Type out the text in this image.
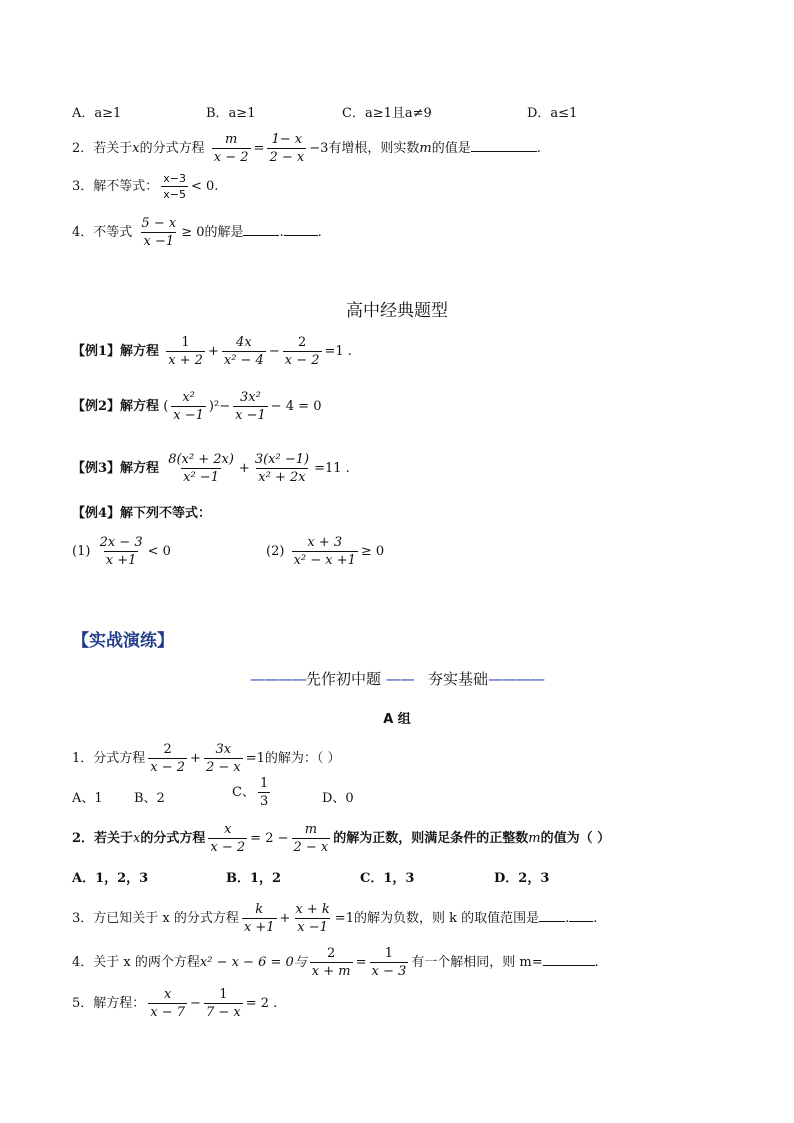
A．a≥1	B．a≥1	C．a≥1且a≠9	D．a≤1
2．若关于x的分式方程 $\frac{m}{x - 2} = \frac{1- x}{2 - x} -3$有增根，则实数m的值是	.
3．解不等式： $\frac{x-3}{x-5} < 0$.
4．不等式 $\frac{5 - x}{x -1} \ge 0$的解是	.	.
高中经典题型
【例1】解方程 $\frac{1}{x + 2} + \frac{4x}{\text{x² − 4}} - \frac{2}{x - 2} =1$ .
【例2】解方程 ( $\frac{\text{x²}}{x -1} )^2- \frac{\text{3x²}}{x -1} - 4 = 0$
【例3】解方程 $\frac{\text{8(x² + 2x)}}{\text{x² −1}} + \frac{\text{3(x² −1)}}{\text{x² + 2x}} =11$ .
【例4】解下列不等式：
$(1) \frac{2x - 3}{x +1} < 0$	$(2) \frac{x + 3}{\text{x² − x +1}} \ge 0$
【实战演练】
————先作初中题 —— 夯实基础————
A 组
1．分式方程 $\frac{2}{x - 2} + \frac{3x}{2 - x} =1$的解为：（ ）
A、1 B、2	C、 $\frac{1}{3}$	D、0
2．若关于x的分式方程 $\frac{x}{x - 2} = 2 - \frac{m}{2 - x}$ 的解为正数，则满足条件的正整数m的值为（ ）
A．1，2，3	B．1，2	C．1，3	D．2，3
3．方已知关于 x 的分式方程 $\frac{k}{x +1} + \frac{x + k}{x -1} =1$的解为负数，则 k 的取值范围是 . .
4．关于 x 的两个方程x² − x − 6 = 0与 $\frac{2}{x + m} = \frac{1}{x - 3}$ 有一个解相同，则 m=	.
5．解方程： $\frac{x}{x - 7} - \frac{1}{7 - x} = 2$ .
